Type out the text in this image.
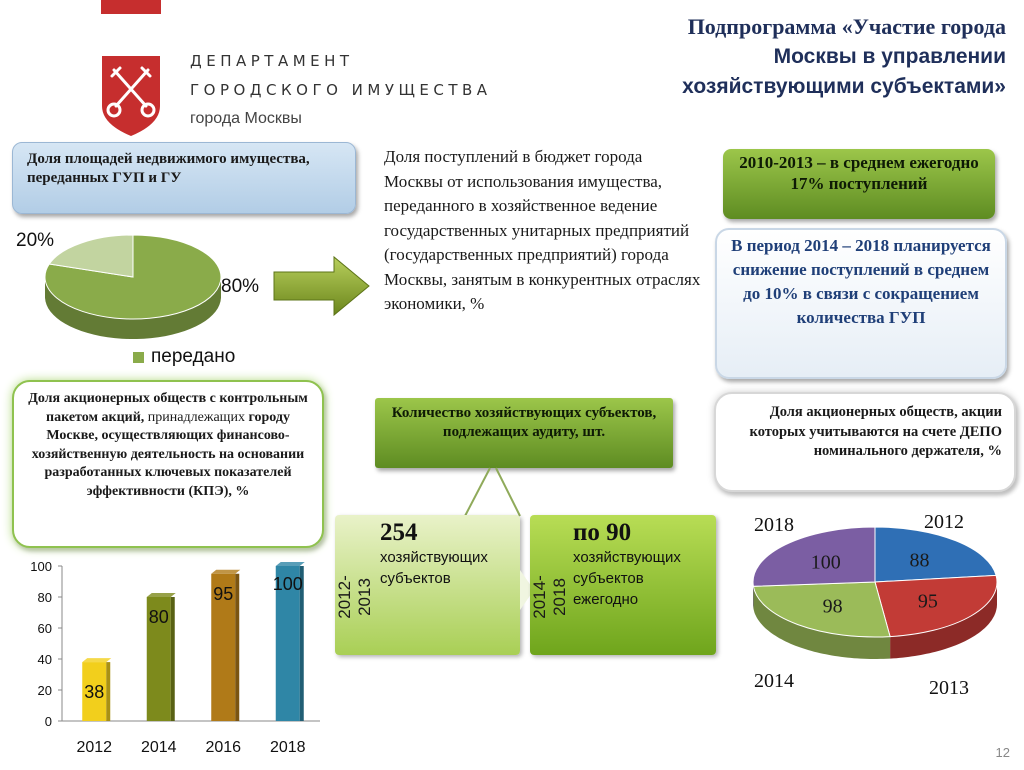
ДЕПАРТАМЕНТ
ГОРОДСКОГО ИМУЩЕСТВА
города Москвы
Подпрограмма «Участие города
Москвы в управлении
хозяйствующими субъектами»
Доля площадей недвижимого имущества, переданных ГУП и ГУ
20%
80%
передано
Доля поступлений в бюджет города Москвы от использования имущества, переданного в хозяйственное ведение государственных унитарных предприятий (государственных предприятий) города Москвы, занятым в конкурентных отраслях экономики, %
2010-2013 – в среднем ежегодно 17% поступлений
В период 2014 – 2018 планируется снижение поступлений в среднем до 10% в связи с сокращением количества ГУП
Доля акционерных обществ с контрольным пакетом акций, принадлежащих городу Москве, осуществляющих финансово-хозяйственную деятельность на основании разработанных ключевых показателей эффективности (КПЭ), %
0
20
40
60
80
100
38
2012
80
2014
95
2016
100
2018
Количество хозяйствующих субъектов, подлежащих аудиту, шт.
2012-2013
254
хозяйствующих
субъектов	2014-2018
по 90
хозяйствующих
субъектов
ежегодно
Доля акционерных обществ, акции которых учитываются на счете ДЕПО номинального держателя, %
88
95
98
100
2018	2012
2014	2013
12
